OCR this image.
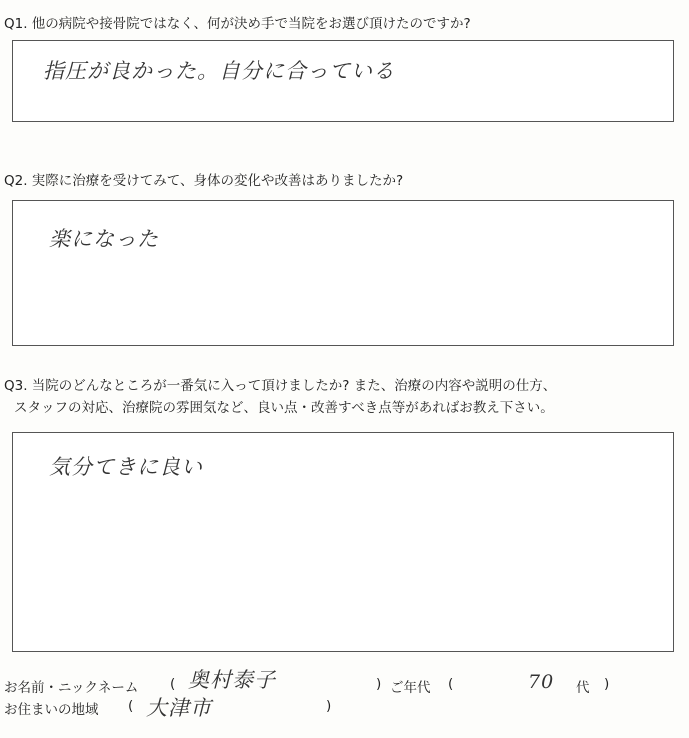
Q1. 他の病院や接骨院ではなく、何が決め手で当院をお選び頂けたのですか?
指圧が良かった。自分に合っている
Q2. 実際に治療を受けてみて、身体の変化や改善はありましたか?
楽になった
Q3. 当院のどんなところが一番気に入って頂けましたか? また、治療の内容や説明の仕方、
スタッフの対応、治療院の雰囲気など、良い点・改善すべき点等があればお教え下さい。
気分てきに良い
お名前・ニックネーム ( 奥村泰子	) ご年代 (	70 代 )
お住まいの地域 ( 大津市	)
